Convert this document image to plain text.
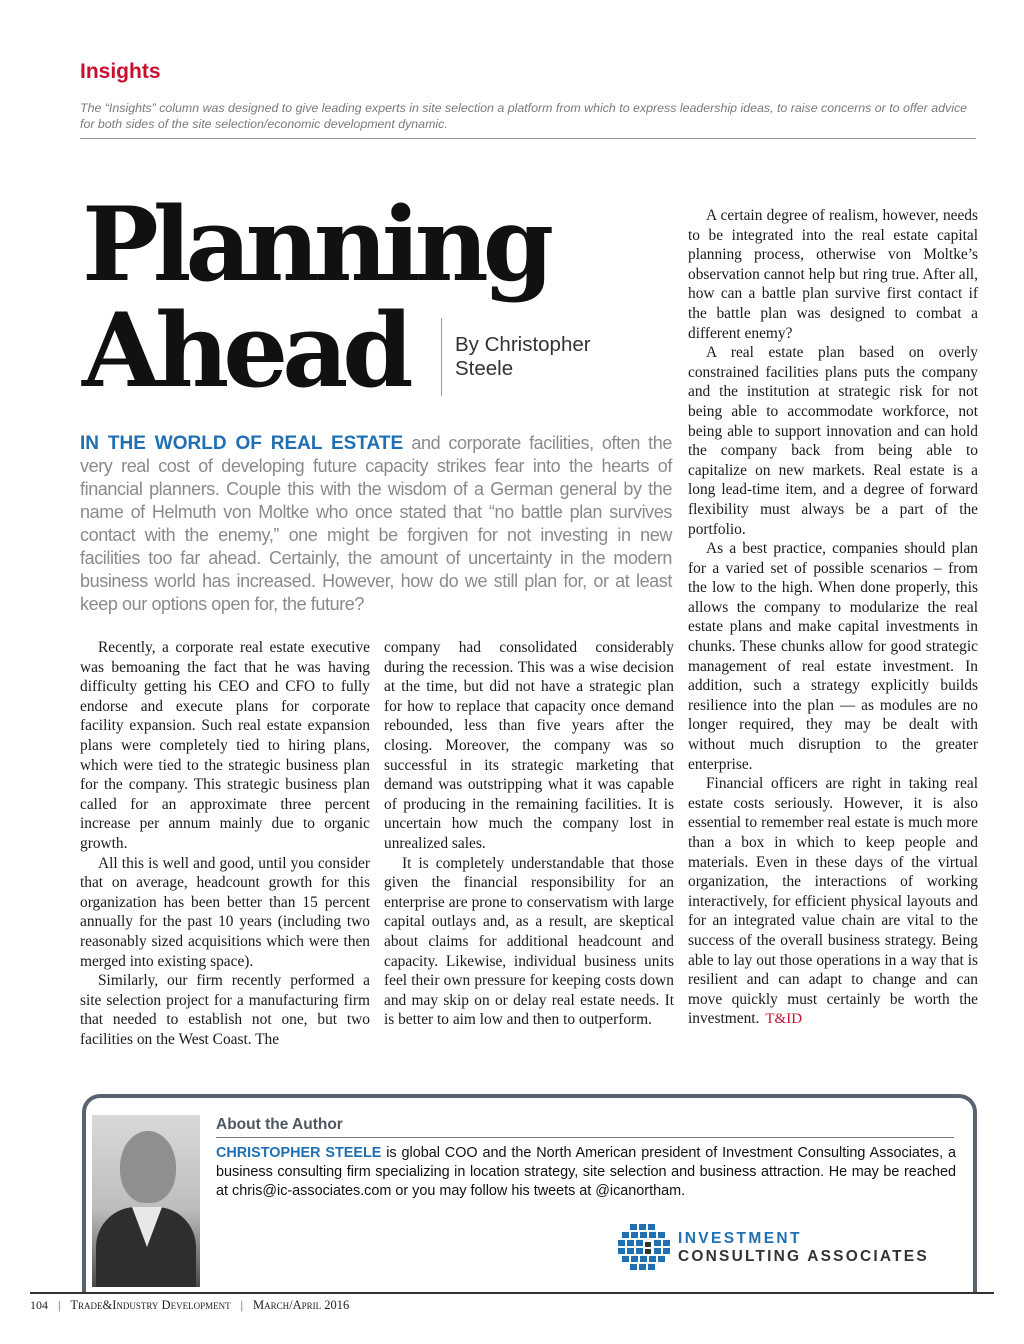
Insights
The “Insights” column was designed to give leading experts in site selection a platform from which to express leadership ideas, to raise concerns or to offer advice for both sides of the site selection/economic development dynamic.
Planning
Ahead	By Christopher
Steele
IN THE WORLD OF REAL ESTATE and corporate facilities, often the very real cost of developing future capacity strikes fear into the hearts of financial planners. Couple this with the wisdom of a German general by the name of Helmuth von Moltke who once stated that “no battle plan survives contact with the enemy,” one might be forgiven for not investing in new facilities too far ahead. Certainly, the amount of uncertainty in the modern business world has increased. However, how do we still plan for, or at least keep our options open for, the future?

Recently, a corporate real estate executive was bemoaning the fact that he was having difficulty getting his CEO and CFO to fully endorse and execute plans for corporate facility expansion. Such real estate expansion plans were completely tied to hiring plans, which were tied to the strategic business plan for the company. This strategic business plan called for an approximate three percent increase per annum mainly due to organic growth.

All this is well and good, until you consider that on average, headcount growth for this organization has been better than 15 percent annually for the past 10 years (including two reasonably sized acquisitions which were then merged into existing space).

Similarly, our firm recently performed a site selection project for a manufacturing firm that needed to establish not one, but two facilities on the West Coast. The

company had consolidated considerably during the recession. This was a wise decision at the time, but did not have a strategic plan for how to replace that capacity once demand rebounded, less than five years after the closing. Moreover, the company was so successful in its strategic marketing that demand was outstripping what it was capable of producing in the remaining facilities. It is uncertain how much the company lost in unrealized sales.

It is completely understandable that those given the financial responsibility for an enterprise are prone to conservatism with large capital outlays and, as a result, are skeptical about claims for additional headcount and capacity. Likewise, individual business units feel their own pressure for keeping costs down and may skip on or delay real estate needs. It is better to aim low and then to outperform.

A certain degree of realism, however, needs to be integrated into the real estate capital planning process, otherwise von Moltke’s observation cannot help but ring true. After all, how can a battle plan survive first contact if the battle plan was designed to combat a different enemy?

A real estate plan based on overly constrained facilities plans puts the company and the institution at strategic risk for not being able to accommodate workforce, not being able to support innovation and can hold the company back from being able to capitalize on new markets. Real estate is a long lead-time item, and a degree of forward flexibility must always be a part of the portfolio.

As a best practice, companies should plan for a varied set of possible scenarios – from the low to the high. When done properly, this allows the company to modularize the real estate plans and make capital investments in chunks. These chunks allow for good strategic management of real estate investment. In addition, such a strategy explicitly builds resilience into the plan — as modules are no longer required, they may be dealt with without much disruption to the greater enterprise.

Financial officers are right in taking real estate costs seriously. However, it is also essential to remember real estate is much more than a box in which to keep people and materials. Even in these days of the virtual organization, the interactions of working interactively, for efficient physical layouts and for an integrated value chain are vital to the success of the overall business strategy. Being able to lay out those operations in a way that is resilient and can adapt to change and can move quickly must certainly be worth the investment. T&ID

About the Author
CHRISTOPHER STEELE is global COO and the North American president of Investment Consulting Associates, a business consulting firm specializing in location strategy, site selection and business attraction. He may be reached at chris@ic-associates.com or you may follow his tweets at @icanortham.
INVESTMENT
CONSULTING ASSOCIATES
104 | Trade&Industry Development | March/April 2016
